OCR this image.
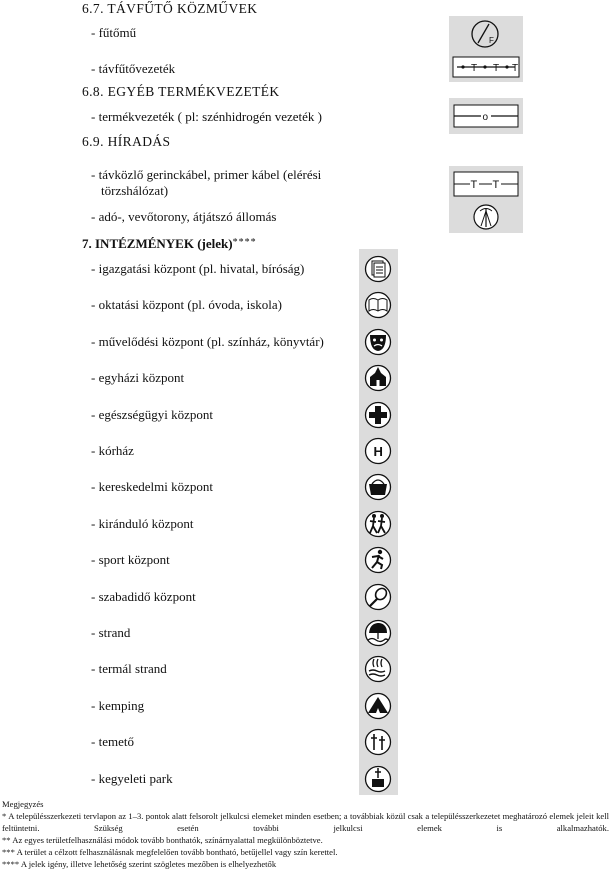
6.7. TÁVFŰTŐ KÖZMŰVEK
- fűtőmű
- távfűtővezeték
F
T T T
6.8. EGYÉB TERMÉKVEZETÉK
- termékvezeték ( pl: szénhidrogén vezeték )	o
6.9. HÍRADÁS
- távközlő gerinckábel, primer kábel (elérési
törzshálózat)
- adó-, vevőtorony, átjátszó állomás
T T
7. INTÉZMÉNYEK (jelek)****
- igazgatási központ (pl. hivatal, bíróság)
- oktatási központ (pl. óvoda, iskola)
- művelődési központ (pl. színház, könyvtár)
- egyházi központ
- egészségügyi központ
- kórház	H
- kereskedelmi központ
- kiránduló központ
- sport központ
- szabadidő központ
- strand
- termál strand
- kemping
- temető
- kegyeleti park
Megjegyzés
* A településszerkezeti tervlapon az 1–3. pontok alatt felsorolt jelkulcsi elemeket minden esetben; a továbbiak közül csak a településszerkezetet meghatározó elemek jeleit kell feltüntetni. Szükség esetén további jelkulcsi elemek is alkalmazhatók.
** Az egyes területfelhasználási módok tovább bonthatók, színárnyalattal megkülönböztetve.
*** A terület a célzott felhasználásnak megfelelően tovább bontható, betűjellel vagy szín kerettel.
**** A jelek igény, illetve lehetőség szerint szögletes mezőben is elhelyezhetők
